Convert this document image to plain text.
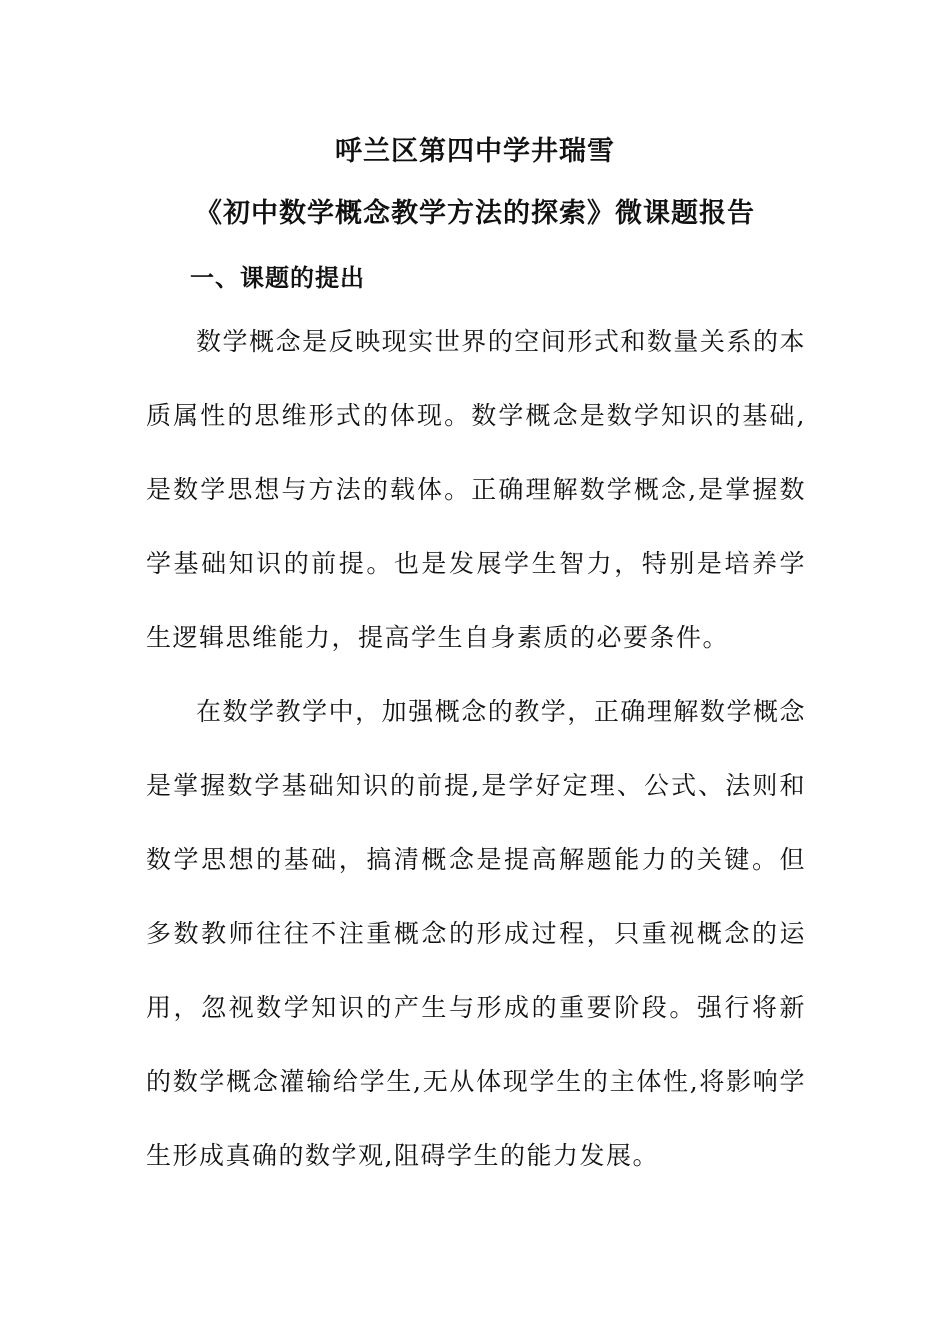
呼兰区第四中学井瑞雪
《初中数学概念教学方法的探索》微课题报告
一、课题的提出

数学概念是反映现实世界的空间形式和数量关系的本质属性的思维形式的体现。数学概念是数学知识的基础,是数学思想与方法的载体。正确理解数学概念,是掌握数学基础知识的前提。也是发展学生智力，特别是培养学生逻辑思维能力，提高学生自身素质的必要条件。

在数学教学中，加强概念的教学，正确理解数学概念是掌握数学基础知识的前提,是学好定理、公式、法则和数学思想的基础，搞清概念是提高解题能力的关键。但多数教师往往不注重概念的形成过程，只重视概念的运用，忽视数学知识的产生与形成的重要阶段。强行将新的数学概念灌输给学生,无从体现学生的主体性,将影响学生形成真确的数学观,阻碍学生的能力发展。
